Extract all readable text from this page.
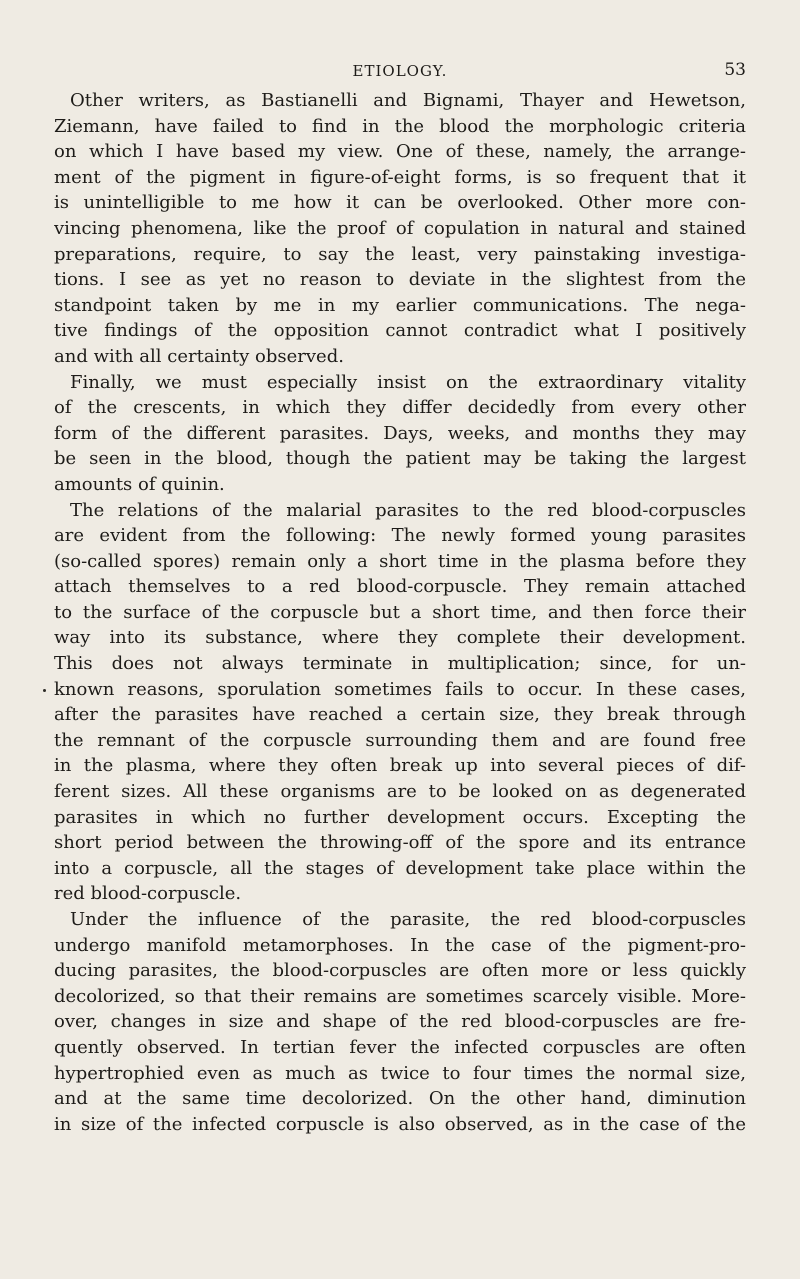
ETIOLOGY.	53
Other writers, as Bastianelli and Bignami, Thayer and Hewetson,
Ziemann, have failed to find in the blood the morphologic criteria
on which I have based my view. One of these, namely, the arrange-
ment of the pigment in figure-of-eight forms, is so frequent that it
is unintelligible to me how it can be overlooked. Other more con-
vincing phenomena, like the proof of copulation in natural and stained
preparations, require, to say the least, very painstaking investiga-
tions. I see as yet no reason to deviate in the slightest from the
standpoint taken by me in my earlier communications. The nega-
tive findings of the opposition cannot contradict what I positively
and with all certainty observed.
Finally, we must especially insist on the extraordinary vitality
of the crescents, in which they differ decidedly from every other
form of the different parasites. Days, weeks, and months they may
be seen in the blood, though the patient may be taking the largest
amounts of quinin.
The relations of the malarial parasites to the red blood-corpuscles
are evident from the following: The newly formed young parasites
(so-called spores) remain only a short time in the plasma before they
attach themselves to a red blood-corpuscle. They remain attached
to the surface of the corpuscle but a short time, and then force their
way into its substance, where they complete their development.
This does not always terminate in multiplication; since, for un-
known reasons, sporulation sometimes fails to occur. In these cases,
after the parasites have reached a certain size, they break through
the remnant of the corpuscle surrounding them and are found free
in the plasma, where they often break up into several pieces of dif-
ferent sizes. All these organisms are to be looked on as degenerated
parasites in which no further development occurs. Excepting the
short period between the throwing-off of the spore and its entrance
into a corpuscle, all the stages of development take place within the
red blood-corpuscle.
Under the influence of the parasite, the red blood-corpuscles
undergo manifold metamorphoses. In the case of the pigment-pro-
ducing parasites, the blood-corpuscles are often more or less quickly
decolorized, so that their remains are sometimes scarcely visible. More-
over, changes in size and shape of the red blood-corpuscles are fre-
quently observed. In tertian fever the infected corpuscles are often
hypertrophied even as much as twice to four times the normal size,
and at the same time decolorized. On the other hand, diminution
in size of the infected corpuscle is also observed, as in the case of the
